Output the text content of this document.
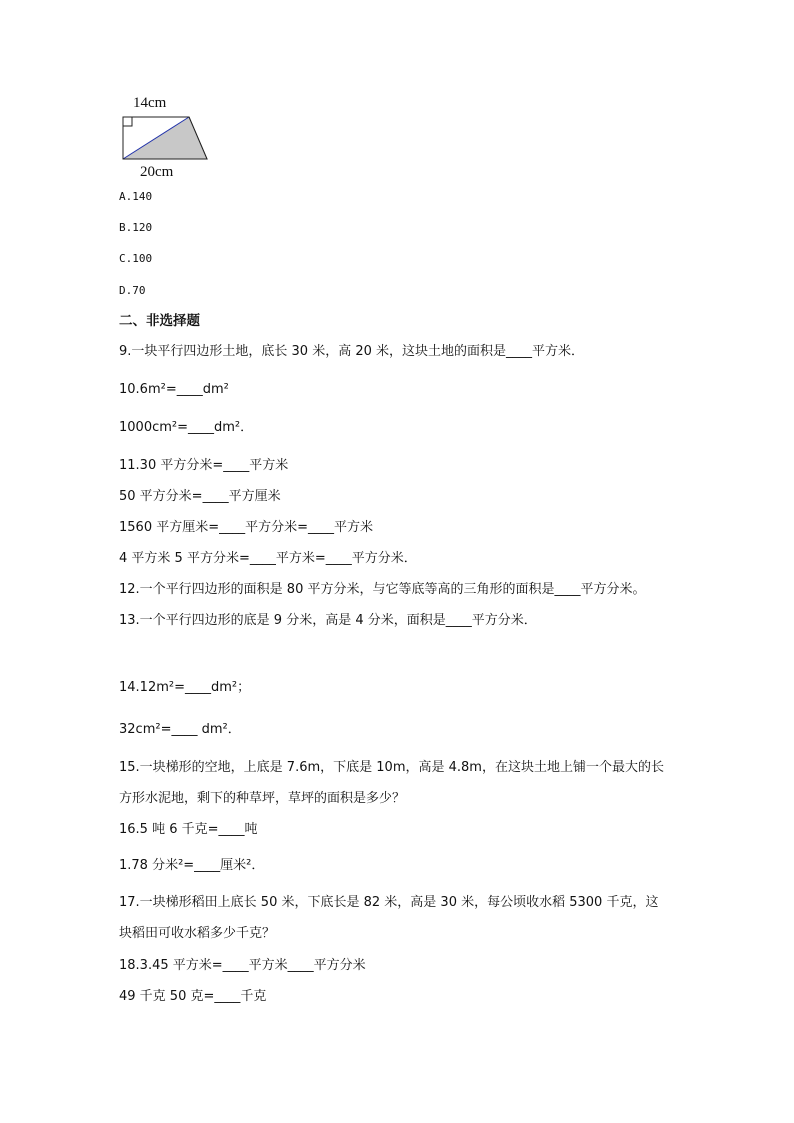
14cm
20cm
A.140
B.120
C.100
D.70
二、非选择题
9.一块平行四边形土地，底长 30 米，高 20 米，这块土地的面积是____平方米．
10.6m²=____dm²
1000cm²=____dm²．
11.30 平方分米=____平方米
50 平方分米=____平方厘米
1560 平方厘米=____平方分米=____平方米
4 平方米 5 平方分米=____平方米=____平方分米．
12.一个平行四边形的面积是 80 平方分米，与它等底等高的三角形的面积是____平方分米。
13.一个平行四边形的底是 9 分米，高是 4 分米，面积是____平方分米．
14.12m²=____dm²；
32cm²=____ dm²．
15.一块梯形的空地，上底是 7.6m，下底是 10m，高是 4.8m，在这块土地上铺一个最大的长
方形水泥地，剩下的种草坪，草坪的面积是多少？
16.5 吨 6 千克=____吨
1.78 分米²=____厘米²．
17.一块梯形稻田上底长 50 米，下底长是 82 米，高是 30 米，每公顷收水稻 5300 千克，这
块稻田可收水稻多少千克？
18.3.45 平方米=____平方米____平方分米
49 千克 50 克=____千克
